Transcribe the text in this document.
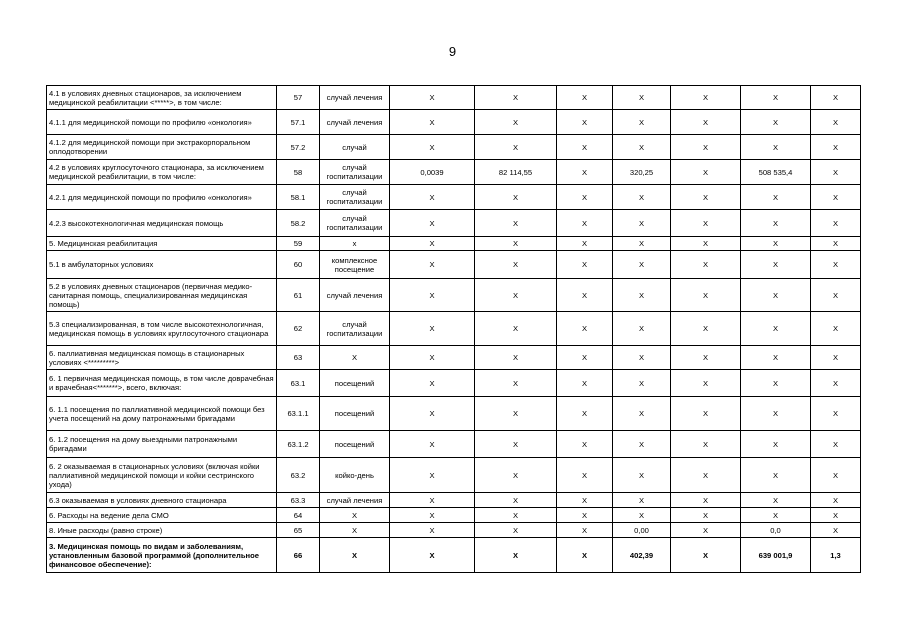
9
4.1 в условиях дневных стационаров, за исключением медицинской реабилитации <*****>, в том числе:	57	случай лечения	X	X	X	X	X	X	X
4.1.1 для медицинской помощи по профилю «онкология»	57.1	случай лечения	X	X	X	X	X	X	X
4.1.2 для медицинской помощи при экстракорпоральном оплодотворении	57.2	случай	X	X	X	X	X	X	X
4.2 в условиях круглосуточного стационара, за исключением медицинской реабилитации, в том числе:	58	случай госпитализации	0,0039	82 114,55	X	320,25	X	508 535,4	X
4.2.1 для медицинской помощи по профилю «онкология»	58.1	случай госпитализации	X	X	X	X	X	X	X
4.2.3 высокотехнологичная медицинская помощь	58.2	случай госпитализации	X	X	X	X	X	X	X
5. Медицинская реабилитация	59	x	X	X	X	X	X	X	X
5.1 в амбулаторных условиях	60	комплексное посещение	X	X	X	X	X	X	X
5.2 в условиях дневных стационаров (первичная медико-санитарная помощь, специализированная медицинская помощь)	61	случай лечения	X	X	X	X	X	X	X
5.3 специализированная, в том числе высокотехнологичная, медицинская помощь в условиях круглосуточного стационара	62	случай госпитализации	X	X	X	X	X	X	X
6. паллиативная медицинская помощь в стационарных условиях <*********>	63	X	X	X	X	X	X	X	X
6. 1 первичная медицинская помощь, в том числе доврачебная и врачебная<*******>, всего, включая:	63.1	посещений	X	X	X	X	X	X	X
6. 1.1 посещения по паллиативной медицинской помощи без учета посещений на дому патронажными бригадами	63.1.1	посещений	X	X	X	X	X	X	X
6. 1.2 посещения на дому выездными патронажными бригадами	63.1.2	посещений	X	X	X	X	X	X	X
6. 2 оказываемая в стационарных условиях (включая койки паллиативной медицинской помощи и койки сестринского ухода)	63.2	койко-день	X	X	X	X	X	X	X
6.3 оказываемая в условиях дневного стационара	63.3	случай лечения	X	X	X	X	X	X	X
6. Расходы на ведение дела СМО	64	X	X	X	X	X	X	X	X
8. Иные расходы (равно строке)	65	X	X	X	X	0,00	X	0,0	X
3. Медицинская помощь по видам и заболеваниям, установленным базовой программой (дополнительное финансовое обеспечение):	66	X	X	X	X	402,39	X	639 001,9	1,3
